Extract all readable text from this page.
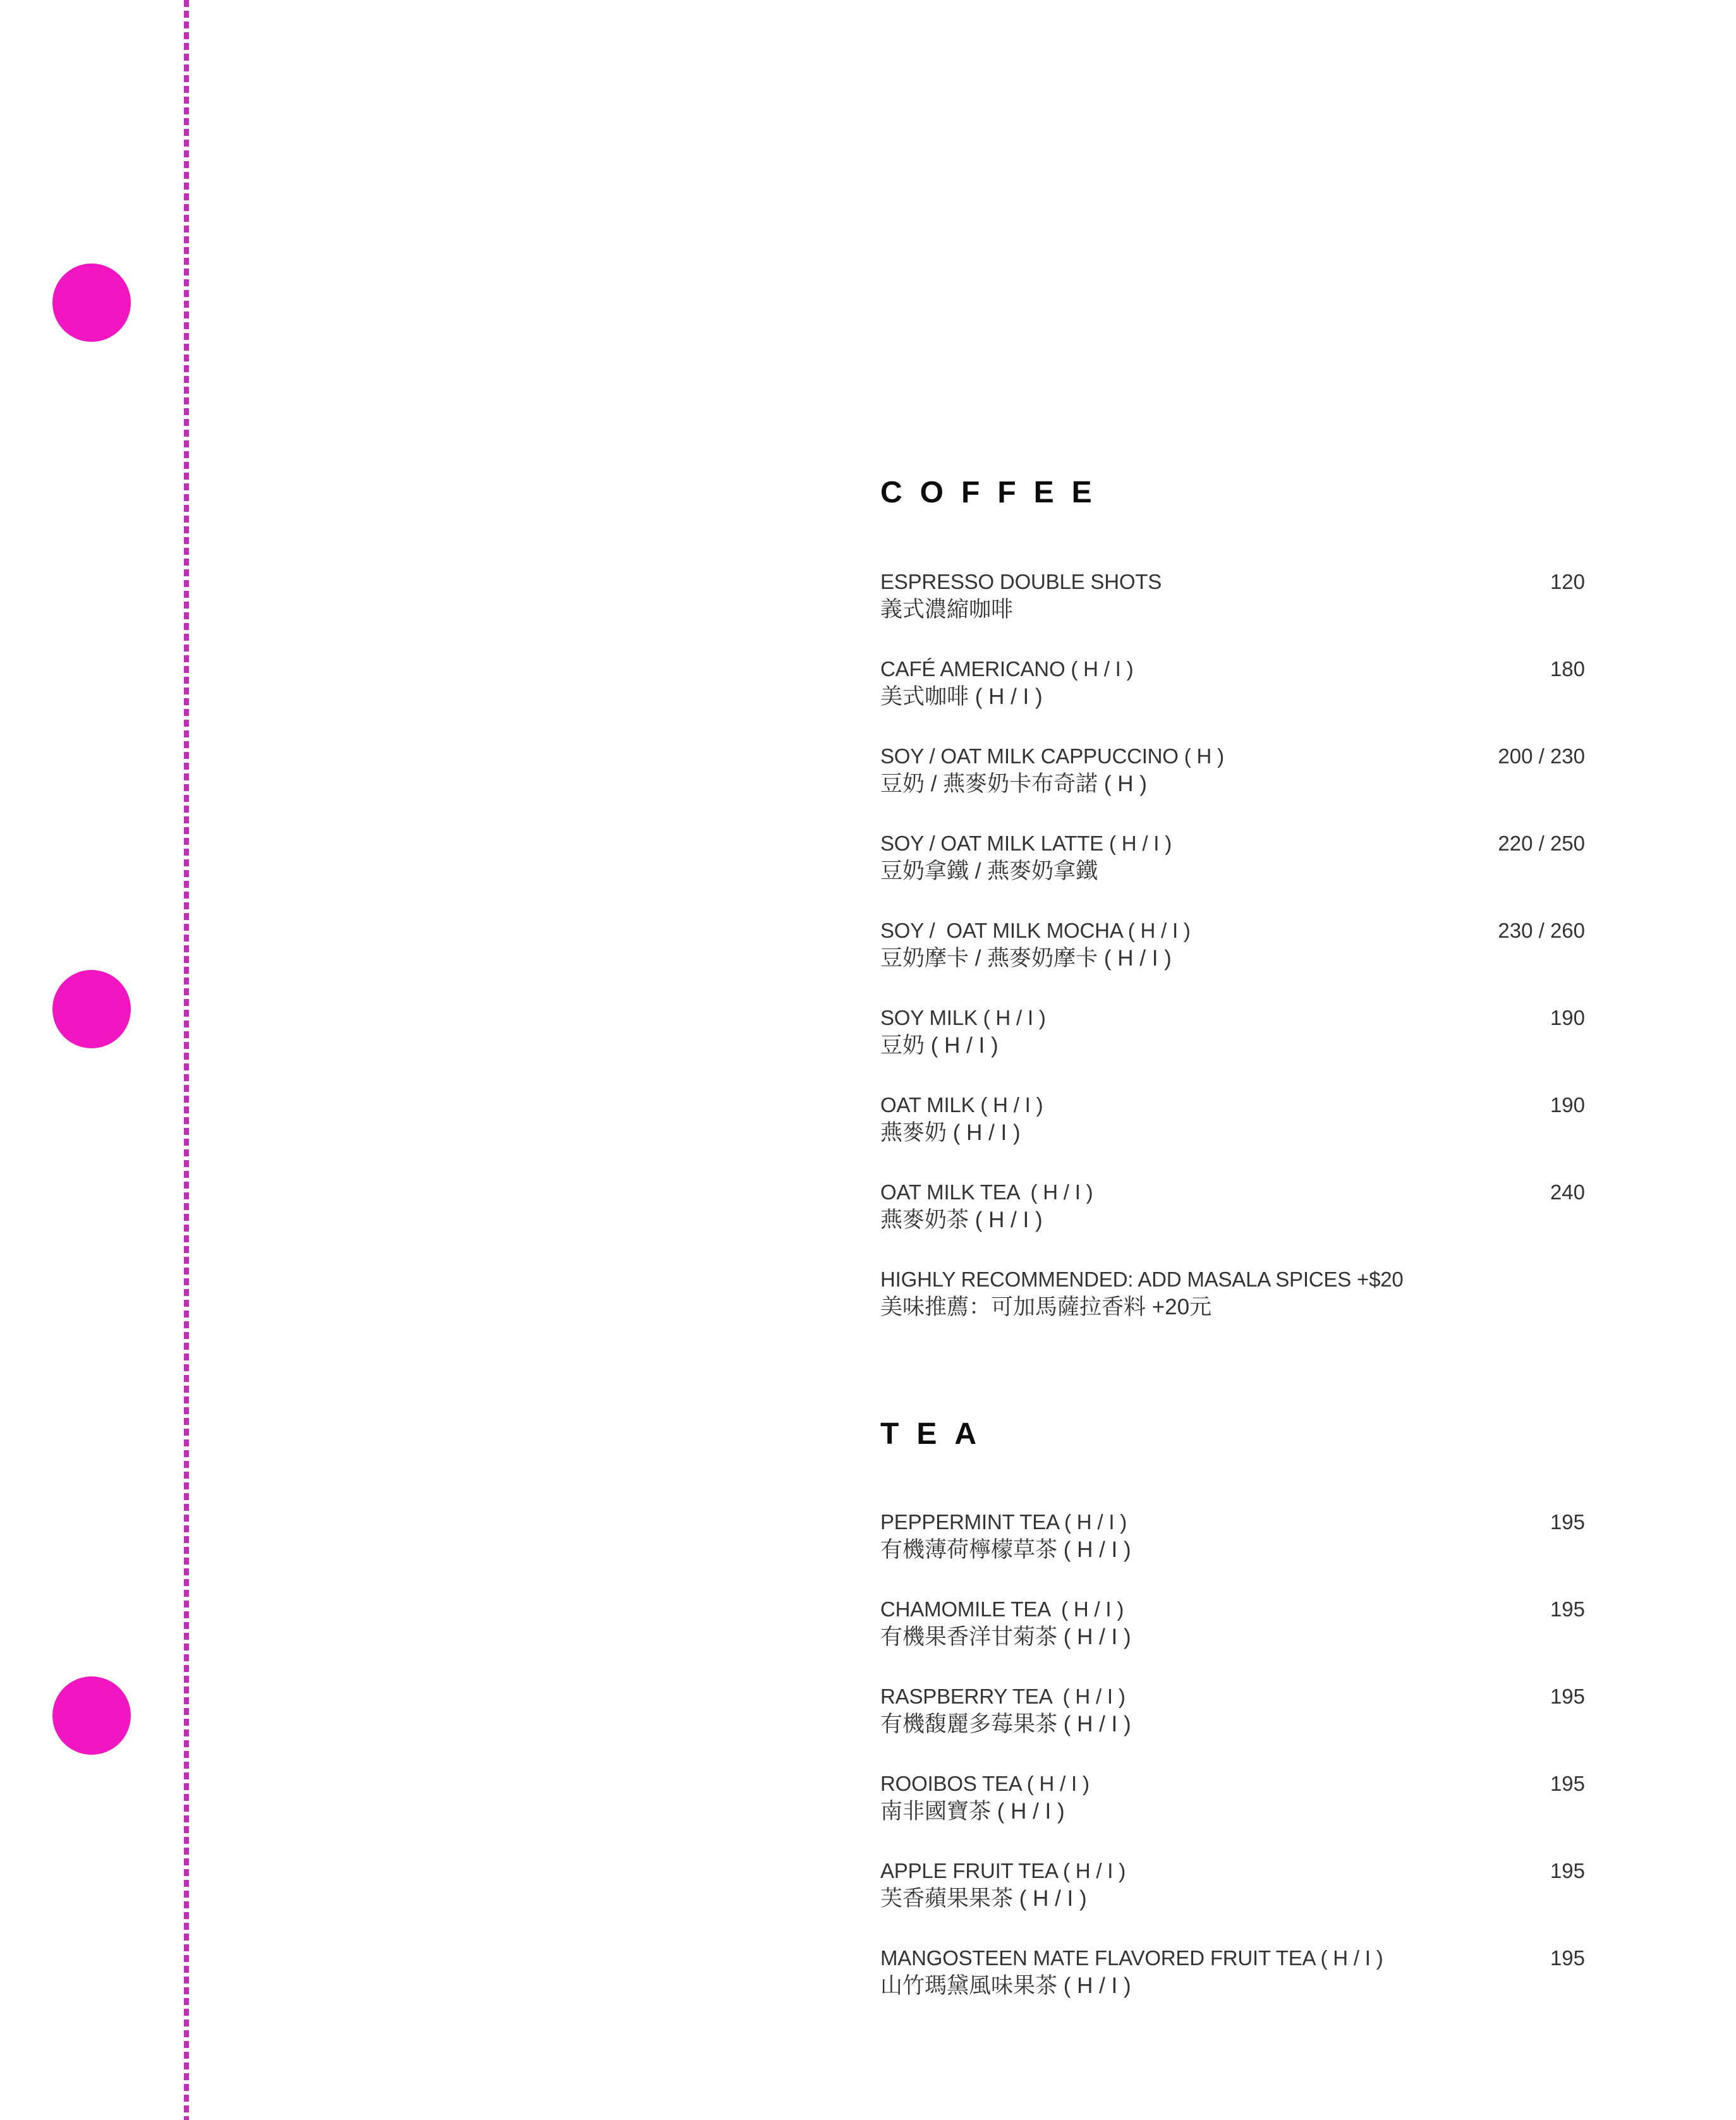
COFFEE
ESPRESSO DOUBLE SHOTS	120
義式濃縮咖啡
CAFÉ AMERICANO ( H / I )	180
美式咖啡 ( H / I )
SOY / OAT MILK CAPPUCCINO ( H )	200 / 230
豆奶 / 燕麥奶卡布奇諾 ( H )
SOY / OAT MILK LATTE ( H / I )	220 / 250
豆奶拿鐵 / 燕麥奶拿鐵
SOY /  OAT MILK MOCHA ( H / I )	230 / 260
豆奶摩卡 / 燕麥奶摩卡 ( H / I )
SOY MILK ( H / I )	190
豆奶 ( H / I )
OAT MILK ( H / I )	190
燕麥奶 ( H / I )
OAT MILK TEA  ( H / I )	240
燕麥奶茶 ( H / I )
HIGHLY RECOMMENDED: ADD MASALA SPICES +$20
美味推薦：可加馬薩拉香料 +20元
TEA
PEPPERMINT TEA ( H / I )	195
有機薄荷檸檬草茶 ( H / I )
CHAMOMILE TEA  ( H / I )	195
有機果香洋甘菊茶 ( H / I )
RASPBERRY TEA  ( H / I )	195
有機馥麗多莓果茶 ( H / I )
ROOIBOS TEA ( H / I )	195
南非國寶茶 ( H / I )
APPLE FRUIT TEA ( H / I )	195
芙香蘋果果茶 ( H / I )
MANGOSTEEN MATE FLAVORED FRUIT TEA ( H / I )	195
山竹瑪黛風味果茶 ( H / I )
